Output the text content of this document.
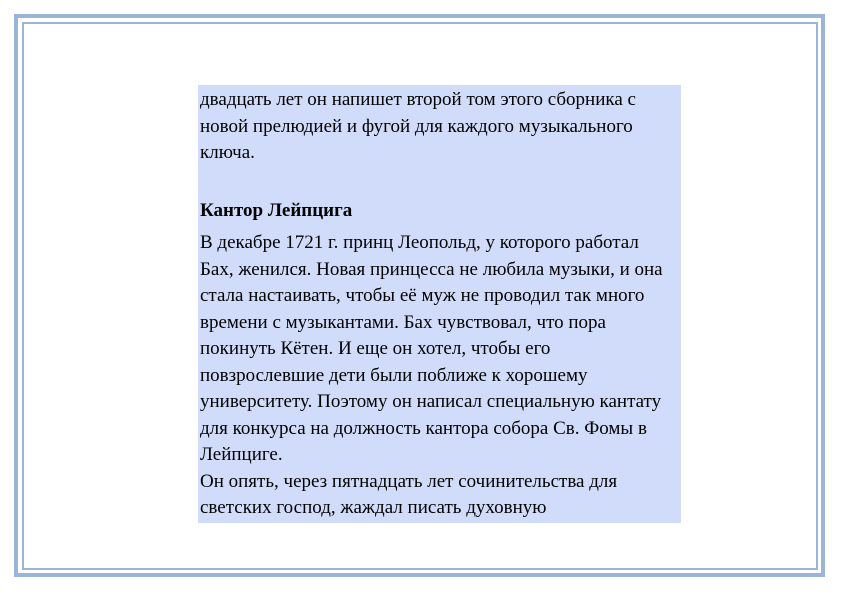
двадцать лет он напишет второй том этого сборника с новой прелюдией и фугой для каждого музыкального ключа.

Кантор Лейпцига

В декабре 1721 г. принц Леопольд, у которого работал Бах, женился. Новая принцесса не любила музыки, и она стала настаивать, чтобы её муж не проводил так много времени с музыкантами. Бах чувствовал, что пора покинуть Кётен. И еще он хотел, чтобы его повзрослевшие дети были поближе к хорошему университету. Поэтому он написал специальную кантату для конкурса на должность кантора собора Св. Фомы в Лейпциге.

Он опять, через пятнадцать лет сочинительства для светских господ, жаждал писать духовную
